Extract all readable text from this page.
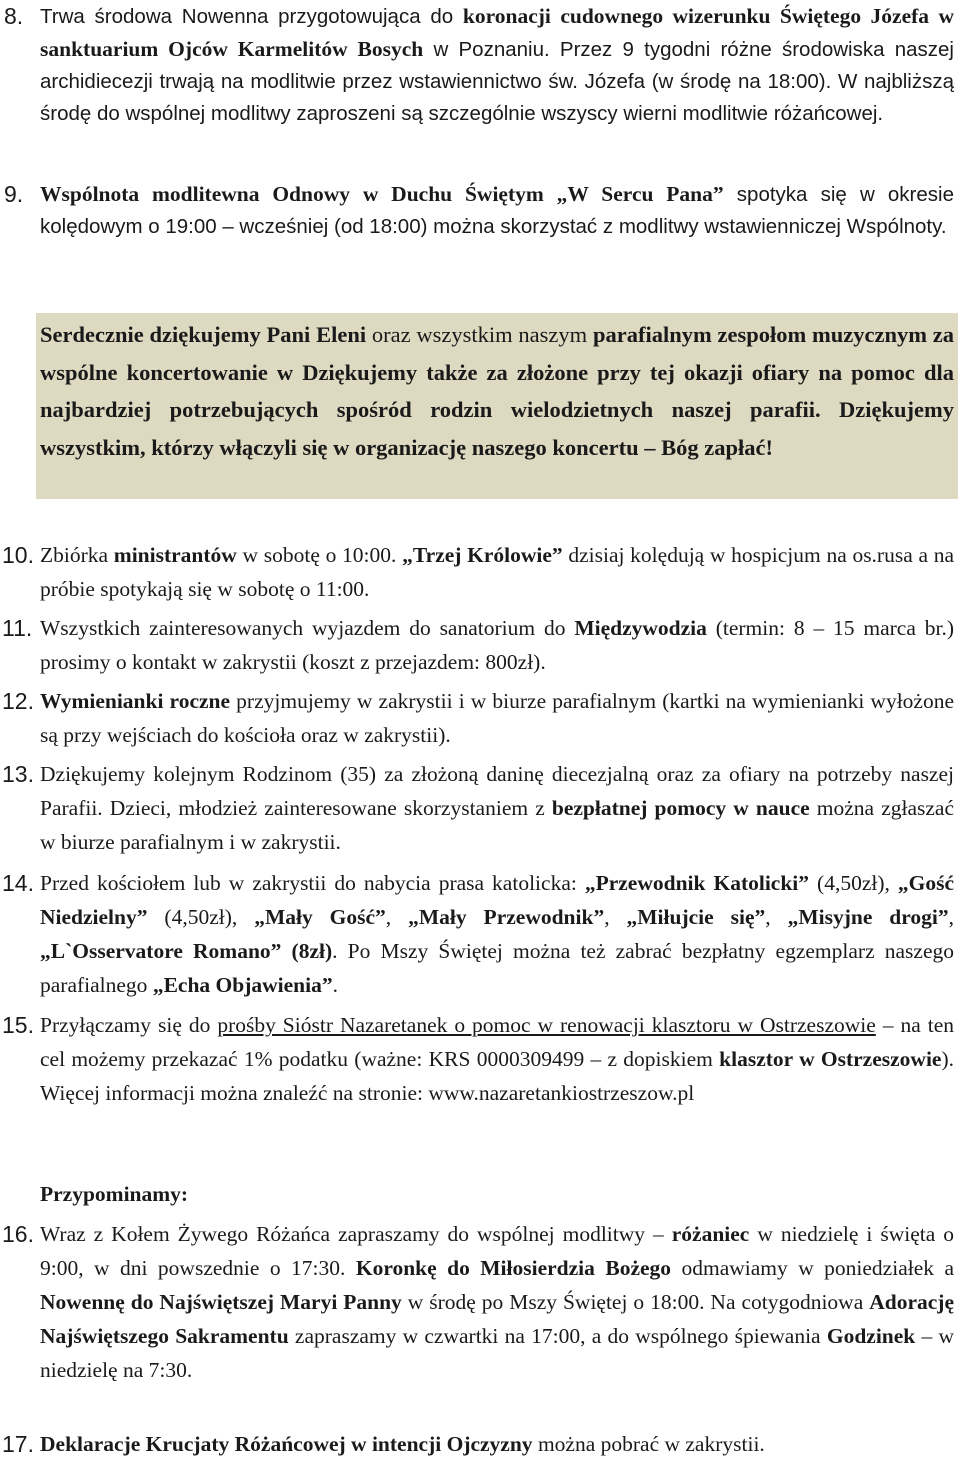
8. Trwa środowa Nowenna przygotowująca do koronacji cudownego wizerunku Świętego Józefa w sanktuarium Ojców Karmelitów Bosych w Poznaniu. Przez 9 tygodni różne środowiska naszej archidiecezji trwają na modlitwie przez wstawiennictwo św. Józefa (w środę na 18:00). W najbliższą środę do wspólnej modlitwy zaproszeni są szczególnie wszyscy wierni modlitwie różańcowej.
9. Wspólnota modlitewna Odnowy w Duchu Świętym „W Sercu Pana” spotyka się w okresie kolędowym o 19:00 – wcześniej (od 18:00) można skorzystać z modlitwy wstawienniczej Wspólnoty.
Serdecznie dziękujemy Pani Eleni oraz wszystkim naszym parafialnym zespołom muzycznym za wspólne koncertowanie w Dziękujemy także za złożone przy tej okazji ofiary na pomoc dla najbardziej potrzebujących spośród rodzin wielodzietnych naszej parafii. Dziękujemy wszystkim, którzy włączyli się w organizację naszego koncertu – Bóg zapłać!
10. Zbiórka ministrantów w sobotę o 10:00. „Trzej Królowie” dzisiaj kolędują w hospicjum na os.rusa a na próbie spotykają się w sobotę o 11:00.
11. Wszystkich zainteresowanych wyjazdem do sanatorium do Międzywodzia (termin: 8 – 15 marca br.) prosimy o kontakt w zakrystii (koszt z przejazdem: 800zł).
12. Wymienianki roczne przyjmujemy w zakrystii i w biurze parafialnym (kartki na wymienianki wyłożone są przy wejściach do kościoła oraz w zakrystii).
13. Dziękujemy kolejnym Rodzinom (35) za złożoną daninę diecezjalną oraz za ofiary na potrzeby naszej Parafii. Dzieci, młodzież zainteresowane skorzystaniem z bezpłatnej pomocy w nauce można zgłaszać w biurze parafialnym i w zakrystii.
14. Przed kościołem lub w zakrystii do nabycia prasa katolicka: „Przewodnik Katolicki” (4,50zł), „Gość Niedzielny” (4,50zł), „Mały Gość”, „Mały Przewodnik”, „Miłujcie się”, „Misyjne drogi”, „L`Osservatore Romano” (8zł). Po Mszy Świętej można też zabrać bezpłatny egzemplarz naszego parafialnego „Echa Objawienia”.
15. Przyłączamy się do prośby Sióstr Nazaretanek o pomoc w renowacji klasztoru w Ostrzeszowie – na ten cel możemy przekazać 1% podatku (ważne: KRS 0000309499 – z dopiskiem klasztor w Ostrzeszowie). Więcej informacji można znaleźć na stronie: www.nazaretankiostrzeszow.pl
Przypominamy:
16. Wraz z Kołem Żywego Różańca zapraszamy do wspólnej modlitwy – różaniec w niedzielę i święta o 9:00, w dni powszednie o 17:30. Koronkę do Miłosierdzia Bożego odmawiamy w poniedziałek a Nowennę do Najświętszej Maryi Panny w środę po Mszy Świętej o 18:00. Na cotygodniowa Adorację Najświętszego Sakramentu zapraszamy w czwartki na 17:00, a do wspólnego śpiewania Godzinek – w niedzielę na 7:30.
17. Deklaracje Krucjaty Różańcowej w intencji Ojczyzny można pobrać w zakrystii.
